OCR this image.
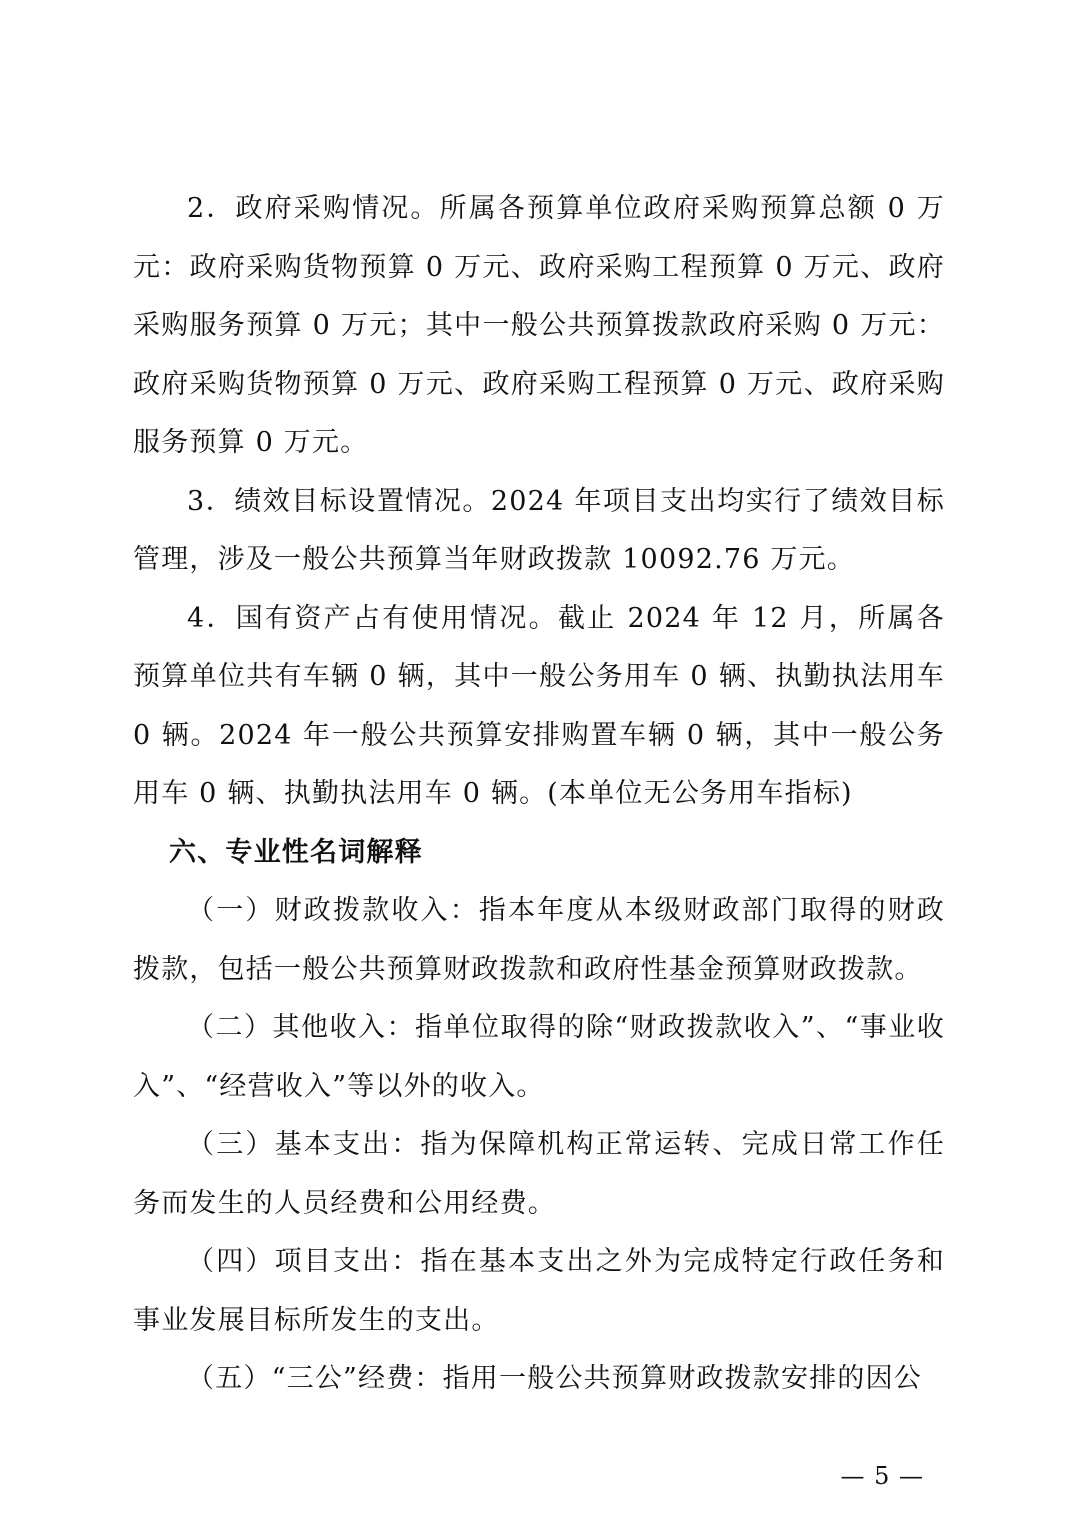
2．政府采购情况。所属各预算单位政府采购预算总额 0 万元：政府采购货物预算 0 万元、政府采购工程预算 0 万元、政府采购服务预算 0 万元；其中一般公共预算拨款政府采购 0 万元：政府采购货物预算 0 万元、政府采购工程预算 0 万元、政府采购服务预算 0 万元。

3．绩效目标设置情况。2024 年项目支出均实行了绩效目标管理，涉及一般公共预算当年财政拨款 10092.76 万元。

4．国有资产占有使用情况。截止 2024 年 12 月，所属各预算单位共有车辆 0 辆，其中一般公务用车 0 辆、执勤执法用车 0 辆。2024 年一般公共预算安排购置车辆 0 辆，其中一般公务用车 0 辆、执勤执法用车 0 辆。(本单位无公务用车指标)

六、专业性名词解释

（一）财政拨款收入：指本年度从本级财政部门取得的财政拨款，包括一般公共预算财政拨款和政府性基金预算财政拨款。

（二）其他收入：指单位取得的除“财政拨款收入”、“事业收入”、“经营收入”等以外的收入。

（三）基本支出：指为保障机构正常运转、完成日常工作任务而发生的人员经费和公用经费。

（四）项目支出：指在基本支出之外为完成特定行政任务和事业发展目标所发生的支出。

（五）“三公”经费：指用一般公共预算财政拨款安排的因公

— 5 —
